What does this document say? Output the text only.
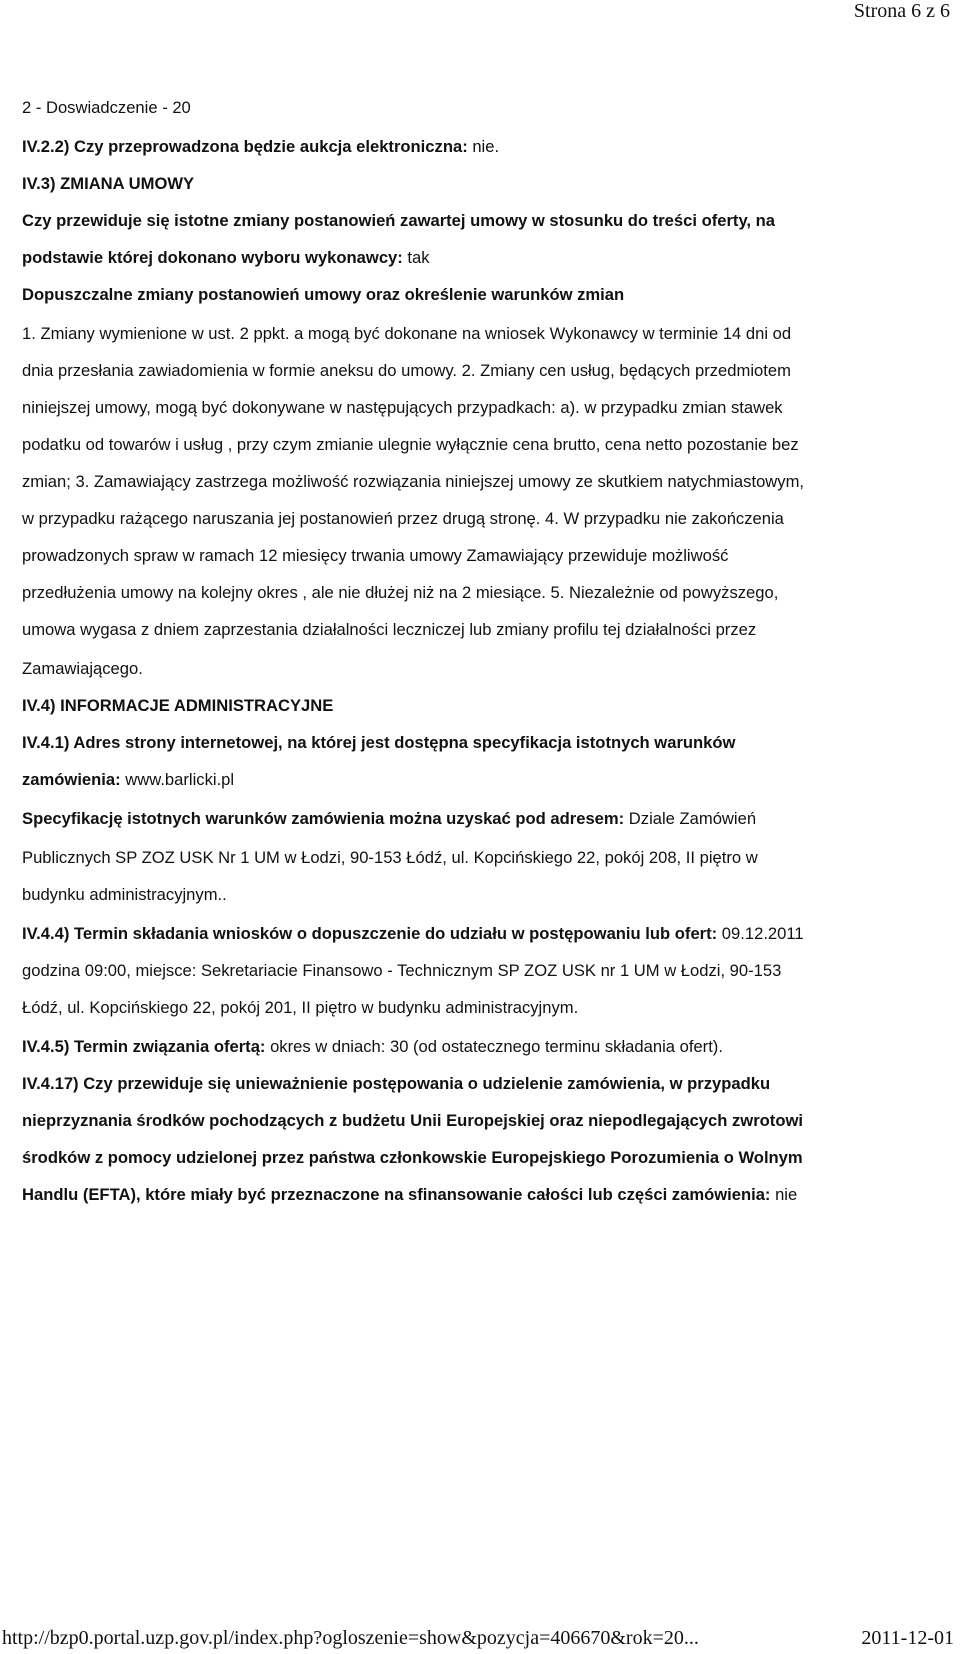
Strona 6 z 6
2 - Doswiadczenie - 20
IV.2.2) Czy przeprowadzona będzie aukcja elektroniczna: nie.
IV.3) ZMIANA UMOWY
Czy przewiduje się istotne zmiany postanowień zawartej umowy w stosunku do treści oferty, na
podstawie której dokonano wyboru wykonawcy: tak
Dopuszczalne zmiany postanowień umowy oraz określenie warunków zmian
1. Zmiany wymienione w ust. 2 ppkt. a mogą być dokonane na wniosek Wykonawcy w terminie 14 dni od
dnia przesłania zawiadomienia w formie aneksu do umowy. 2. Zmiany cen usług, będących przedmiotem
niniejszej umowy, mogą być dokonywane w następujących przypadkach: a). w przypadku zmian stawek
podatku od towarów i usług , przy czym zmianie ulegnie wyłącznie cena brutto, cena netto pozostanie bez
zmian; 3. Zamawiający zastrzega możliwość rozwiązania niniejszej umowy ze skutkiem natychmiastowym,
w przypadku rażącego naruszania jej postanowień przez drugą stronę. 4. W przypadku nie zakończenia
prowadzonych spraw w ramach 12 miesięcy trwania umowy Zamawiający przewiduje możliwość
przedłużenia umowy na kolejny okres , ale nie dłużej niż na 2 miesiące. 5. Niezależnie od powyższego,
umowa wygasa z dniem zaprzestania działalności leczniczej lub zmiany profilu tej działalności przez
Zamawiającego.
IV.4) INFORMACJE ADMINISTRACYJNE
IV.4.1) Adres strony internetowej, na której jest dostępna specyfikacja istotnych warunków
zamówienia: www.barlicki.pl
Specyfikację istotnych warunków zamówienia można uzyskać pod adresem: Dziale Zamówień
Publicznych SP ZOZ USK Nr 1 UM w Łodzi, 90-153 Łódź, ul. Kopcińskiego 22, pokój 208, II piętro w
budynku administracyjnym..
IV.4.4) Termin składania wniosków o dopuszczenie do udziału w postępowaniu lub ofert: 09.12.2011
godzina 09:00, miejsce: Sekretariacie Finansowo - Technicznym SP ZOZ USK nr 1 UM w Łodzi, 90-153
Łódź, ul. Kopcińskiego 22, pokój 201, II piętro w budynku administracyjnym.
IV.4.5) Termin związania ofertą: okres w dniach: 30 (od ostatecznego terminu składania ofert).
IV.4.17) Czy przewiduje się unieważnienie postępowania o udzielenie zamówienia, w przypadku
nieprzyznania środków pochodzących z budżetu Unii Europejskiej oraz niepodlegających zwrotowi
środków z pomocy udzielonej przez państwa członkowskie Europejskiego Porozumienia o Wolnym
Handlu (EFTA), które miały być przeznaczone na sfinansowanie całości lub części zamówienia: nie
http://bzp0.portal.uzp.gov.pl/index.php?ogloszenie=show&pozycja=406670&rok=20...	2011-12-01
